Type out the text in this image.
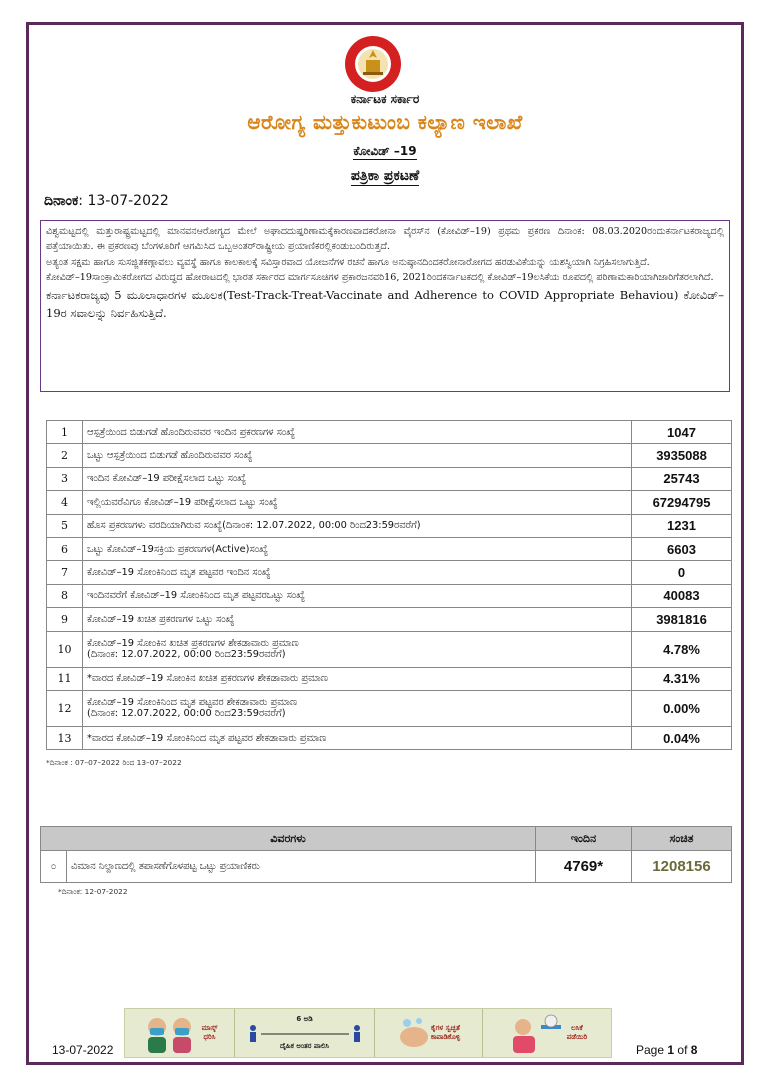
ಕರ್ನಾಟಕ ಸರ್ಕಾರ
ಆರೋಗ್ಯ ಮತ್ತುಕುಟುಂಬ ಕಲ್ಯಾಣ ಇಲಾಖೆ
ಕೋವಿಡ್ –19
ಪತ್ರಿಕಾ ಪ್ರಕಟಣೆ
ದಿನಾಂಕ: 13-07-2022

ವಿಶ್ವಮಟ್ಟದಲ್ಲಿ ಮತ್ತುರಾಷ್ಟ್ರಮಟ್ಟದಲ್ಲಿ ಮಾನವನಆರೋಗ್ಯದ ಮೇಲೆ ಅಘಾದದುಷ್ಪರಿಣಾಮಕ್ಕೆಕಾರಣವಾದಕರೋನಾ ವೈರಸ್‌ನ (ಕೋವಿಡ್–19) ಪ್ರಥಮ ಪ್ರಕರಣ ದಿನಾಂಕ: 08.03.2020ರಂದುಕರ್ನಾಟಕರಾಜ್ಯದಲ್ಲಿ ಪತ್ತೆಯಾಯಿತು. ಈ ಪ್ರಕರಣವು ಬೆಂಗಳೂರಿಗೆ ಆಗಮಿಸಿದ ಒಬ್ಬಅಂತರ್‌ರಾಷ್ಟ್ರೀಯ ಪ್ರಯಾಣಿಕರಲ್ಲಿಕಂಡುಬಂದಿರುತ್ತದೆ.

ಅತ್ಯಂತ ಸಕ್ಷಮ ಹಾಗೂ ಸುಸಜ್ಜಿತಕಣ್ಗಾವಲು ವ್ಯವಸ್ಥೆ ಹಾಗೂ ಕಾಲಕಾಲಕ್ಕೆ ಸವಿಸ್ತಾರವಾದ ಯೋಜನೆಗಳ ರಚನೆ ಹಾಗೂ ಅನುಷ್ಠಾನದಿಂದಕರೋನಾರೋಗದ ಹರಡುವಿಕೆಯನ್ನು ಯಶಸ್ವಿಯಾಗಿ ನಿಗ್ರಹಿಸಲಾಗುತ್ತಿದೆ.

ಕೋವಿಡ್–19ಸಾಂಕ್ರಾಮಿಕರೋಗದ ವಿರುದ್ಧದ ಹೋರಾಟದಲ್ಲಿ ಭಾರತ ಸರ್ಕಾರದ ಮಾರ್ಗಸೂಚಿಗಳ ಪ್ರಕಾರಜನವರಿ16, 2021ರಿಂದಕರ್ನಾಟಕದಲ್ಲಿ ಕೋವಿಡ್–19ಲಸಿಕೆಯ ರೂಪದಲ್ಲಿ ಪರಿಣಾಮಕಾರಿಯಾಗಿಜಾರಿಗೆತರಲಾಗಿದೆ.

ಕರ್ನಾಟಕರಾಜ್ಯವು 5 ಮೂಲಾಧಾರಗಳ ಮೂಲಕ(Test-Track-Treat-Vaccinate and Adherence to COVID Appropriate Behaviou) ಕೋವಿಡ್–19ರ ಸವಾಲನ್ನು ನಿರ್ವಹಿಸುತ್ತಿದೆ.

1	ಆಸ್ಪತ್ರೆಯಿಂದ ಬಿಡುಗಡೆ ಹೊಂದಿರುವವರ ಇಂದಿನ ಪ್ರಕರಣಗಳ ಸಂಖ್ಯೆ	1047
2	ಒಟ್ಟು ಆಸ್ಪತ್ರೆಯಿಂದ ಬಿಡುಗಡೆ ಹೊಂದಿರುವವರ ಸಂಖ್ಯೆ	3935088
3	ಇಂದಿನ ಕೋವಿಡ್–19 ಪರೀಕ್ಷೆಸಲಾದ ಒಟ್ಟು ಸಂಖ್ಯೆ	25743
4	ಇಲ್ಲಿಯವರೆವಿಗೂ ಕೋವಿಡ್–19 ಪರೀಕ್ಷೆಸಲಾದ ಒಟ್ಟು ಸಂಖ್ಯೆ	67294795
5	ಹೊಸ ಪ್ರಕರಣಗಳು ವರದಿಯಾಗಿರುವ ಸಂಖ್ಯೆ(ದಿನಾಂಕ: 12.07.2022, 00:00 ರಿಂದ23:59ರವರೆಗೆ)	1231
6	ಒಟ್ಟು ಕೋವಿಡ್–19ಸಕ್ರಿಯ ಪ್ರಕರಣಗಳ(Active)ಸಂಖ್ಯೆ	6603
7	ಕೋವಿಡ್–19 ಸೋಂಕಿನಿಂದ ಮೃತ ಪಟ್ಟವರ ಇಂದಿನ ಸಂಖ್ಯೆ	0
8	ಇಂದಿನವರೆಗೆ ಕೋವಿಡ್–19 ಸೋಂಕಿನಿಂದ ಮೃತ ಪಟ್ಟವರಒಟ್ಟು ಸಂಖ್ಯೆ	40083
9	ಕೋವಿಡ್–19 ಖಚಿತ ಪ್ರಕರಣಗಳ ಒಟ್ಟು ಸಂಖ್ಯೆ	3981816
10	ಕೋವಿಡ್–19 ಸೋಂಕಿನ ಖಚಿತ ಪ್ರಕರಣಗಳ ಶೇಕಡಾವಾರು ಪ್ರಮಾಣ
(ದಿನಾಂಕ: 12.07.2022, 00:00 ರಿಂದ23:59ರವರೆಗೆ)	4.78%
11	*ವಾರದ ಕೋವಿಡ್–19 ಸೋಂಕಿನ ಖಚಿತ ಪ್ರಕರಣಗಳ ಶೇಕಡಾವಾರು ಪ್ರಮಾಣ	4.31%
12	ಕೋವಿಡ್–19 ಸೋಂಕಿನಿಂದ ಮೃತ ಪಟ್ಟವರ ಶೇಕಡಾವಾರು ಪ್ರಮಾಣ
(ದಿನಾಂಕ: 12.07.2022, 00:00 ರಿಂದ23:59ರವರೆಗೆ)	0.00%
13	*ವಾರದ ಕೋವಿಡ್–19 ಸೋಂಕಿನಿಂದ ಮೃತ ಪಟ್ಟವರ ಶೇಕಡಾವಾರು ಪ್ರಮಾಣ	0.04%
*ದಿನಾಂಕ : 07–07–2022 ರಿಂದ 13–07–2022
ವಿವರಗಳು		ಇಂದಿನ	ಸಂಚಿತ
೦	ವಿಮಾನ ನಿಲ್ದಾಣದಲ್ಲಿ ತಪಾಸಣೆಗೊಳಪಟ್ಟ ಒಟ್ಟು ಪ್ರಯಾಣಿಕರು	4769*	1208156
*ದಿನಾಂಕ: 12-07-2022
ಮಾಸ್ಕ್
ಧರಿಸಿ
6 ಅಡಿ
ದೈಹಿಕ ಅಂತರ ಪಾಲಿಸಿ
ಕೈಗಳ ಸ್ವಚ್ಛತೆ
ಕಾಪಾಡಿಕೊಳ್ಳಿ
ಲಸಿಕೆ
ಪಡೆಯಿರಿ
13-07-2022	Page 1 of 8
